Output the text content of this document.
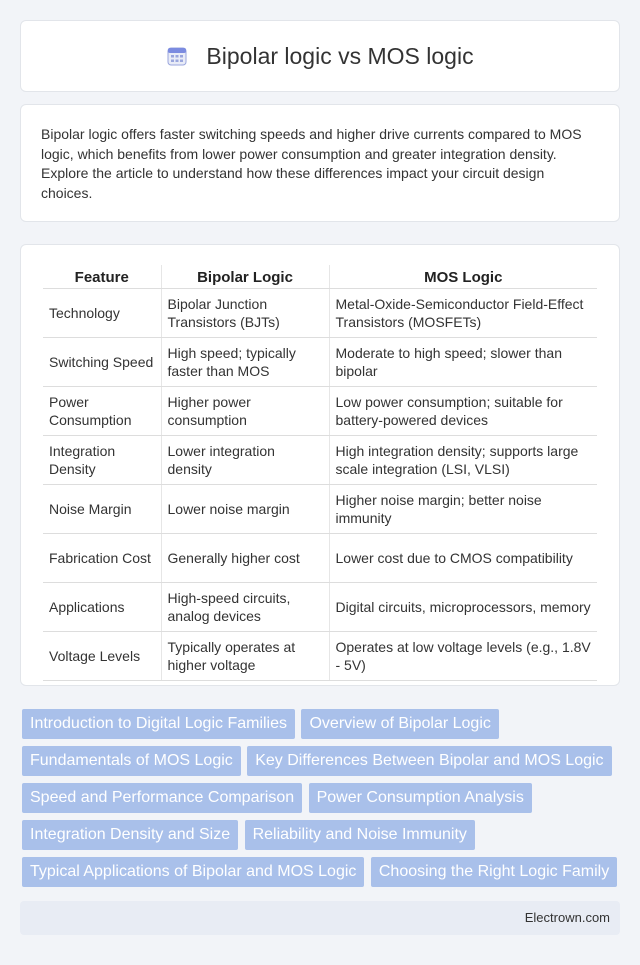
Bipolar logic vs MOS logic

Bipolar logic offers faster switching speeds and higher drive currents compared to MOS logic, which benefits from lower power consumption and greater integration density. Explore the article to understand how these differences impact your circuit design choices.

Feature	Bipolar Logic	MOS Logic
Technology	Bipolar Junction Transistors (BJTs)	Metal-Oxide-Semiconductor Field-Effect Transistors (MOSFETs)
Switching Speed	High speed; typically faster than MOS	Moderate to high speed; slower than bipolar
Power Consumption	Higher power consumption	Low power consumption; suitable for battery-powered devices
Integration Density	Lower integration density	High integration density; supports large scale integration (LSI, VLSI)
Noise Margin	Lower noise margin	Higher noise margin; better noise immunity
Fabrication Cost	Generally higher cost	Lower cost due to CMOS compatibility
Applications	High-speed circuits, analog devices	Digital circuits, microprocessors, memory
Voltage Levels	Typically operates at higher voltage	Operates at low voltage levels (e.g., 1.8V - 5V)
Introduction to Digital Logic Families Overview of Bipolar Logic Fundamentals of MOS Logic Key Differences Between Bipolar and MOS Logic Speed and Performance Comparison Power Consumption Analysis Integration Density and Size Reliability and Noise Immunity Typical Applications of Bipolar and MOS Logic Choosing the Right Logic Family
Electrown.com
